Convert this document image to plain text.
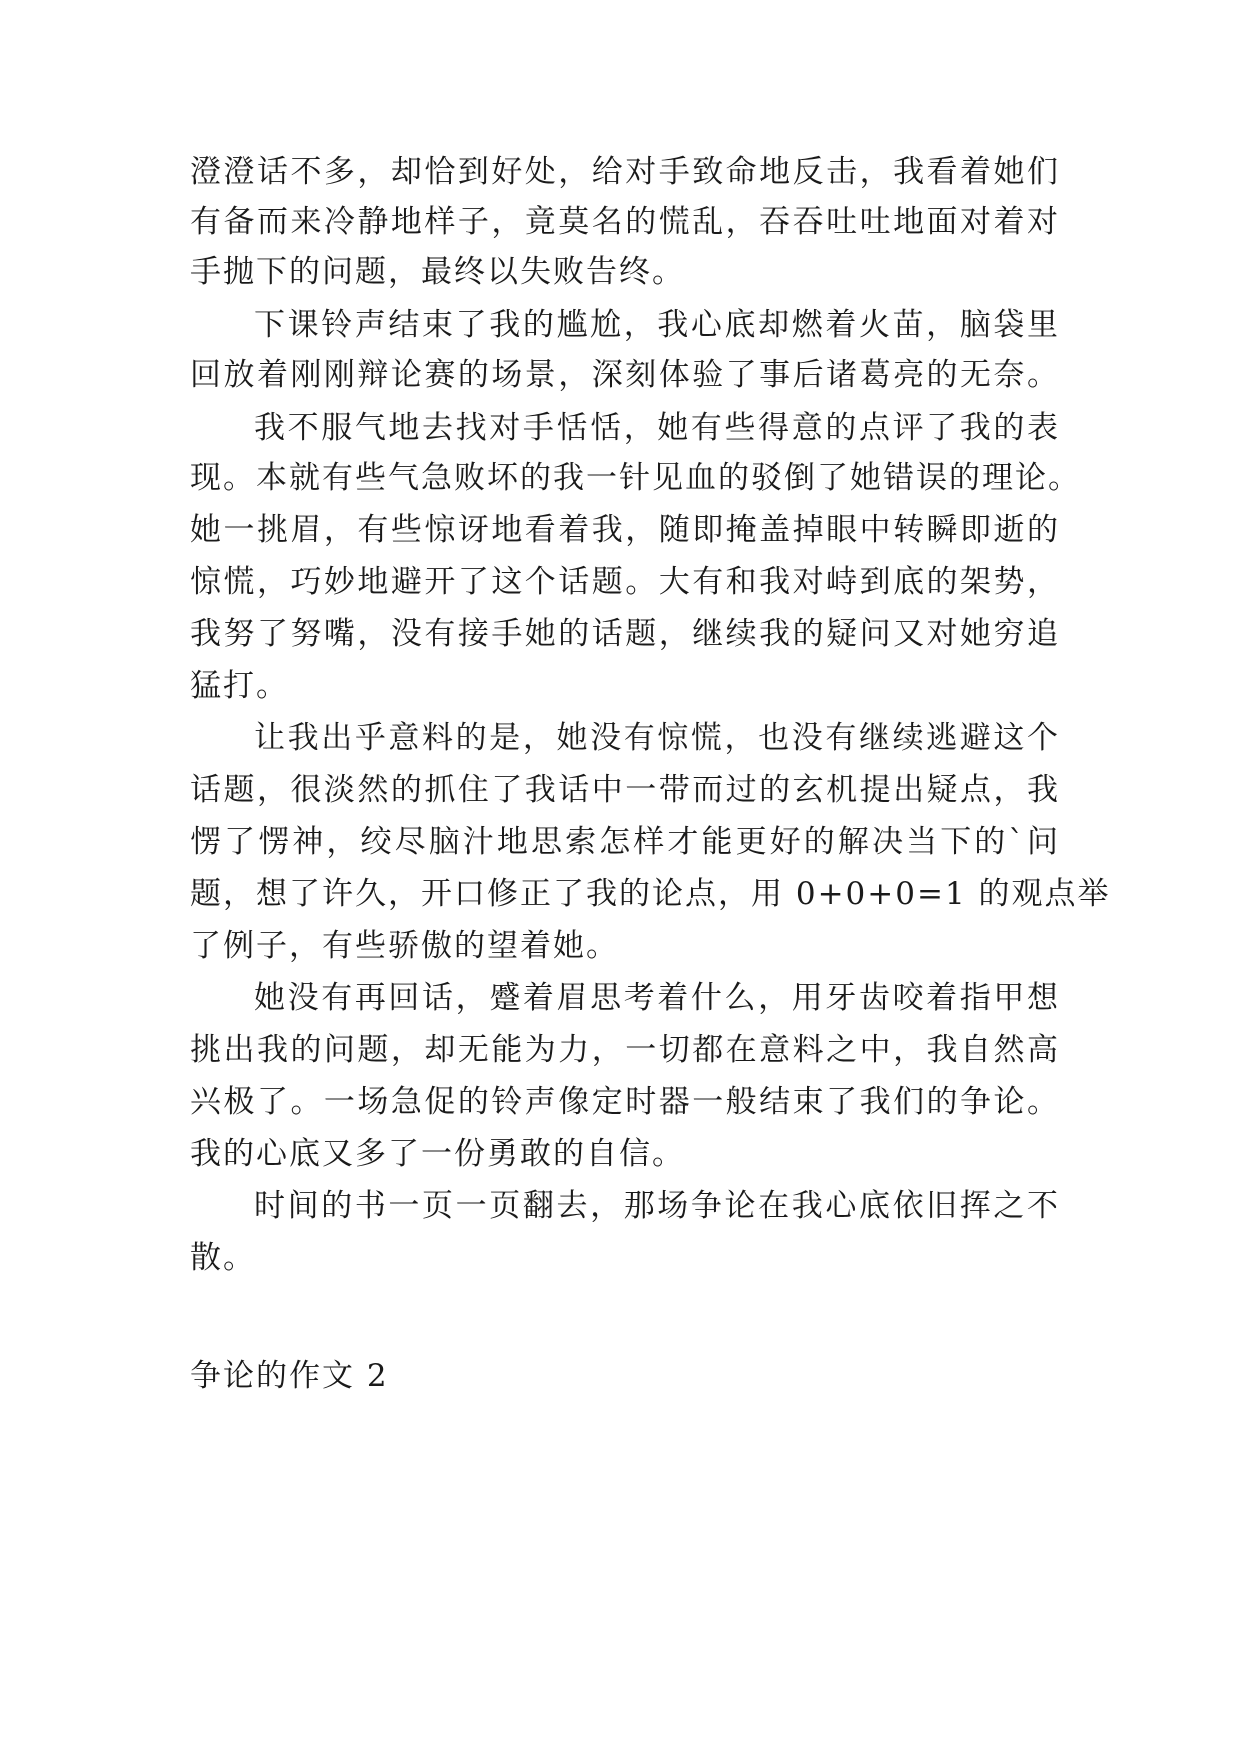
澄澄话不多，却恰到好处，给对手致命地反击，我看着她们
有备而来冷静地样子，竟莫名的慌乱，吞吞吐吐地面对着对
手抛下的问题，最终以失败告终。
下课铃声结束了我的尴尬，我心底却燃着火苗，脑袋里
回放着刚刚辩论赛的场景，深刻体验了事后诸葛亮的无奈。
我不服气地去找对手恬恬，她有些得意的点评了我的表
现。本就有些气急败坏的我一针见血的驳倒了她错误的理论。
她一挑眉，有些惊讶地看着我，随即掩盖掉眼中转瞬即逝的
惊慌，巧妙地避开了这个话题。大有和我对峙到底的架势，
我努了努嘴，没有接手她的话题，继续我的疑问又对她穷追
猛打。
让我出乎意料的是，她没有惊慌，也没有继续逃避这个
话题，很淡然的抓住了我话中一带而过的玄机提出疑点，我
愣了愣神，绞尽脑汁地思索怎样才能更好的解决当下的`问
题，想了许久，开口修正了我的论点，用 0+0+0=1 的观点举
了例子，有些骄傲的望着她。
她没有再回话，蹙着眉思考着什么，用牙齿咬着指甲想
挑出我的问题，却无能为力，一切都在意料之中，我自然高
兴极了。一场急促的铃声像定时器一般结束了我们的争论。
我的心底又多了一份勇敢的自信。
时间的书一页一页翻去，那场争论在我心底依旧挥之不
散。
争论的作文 2
